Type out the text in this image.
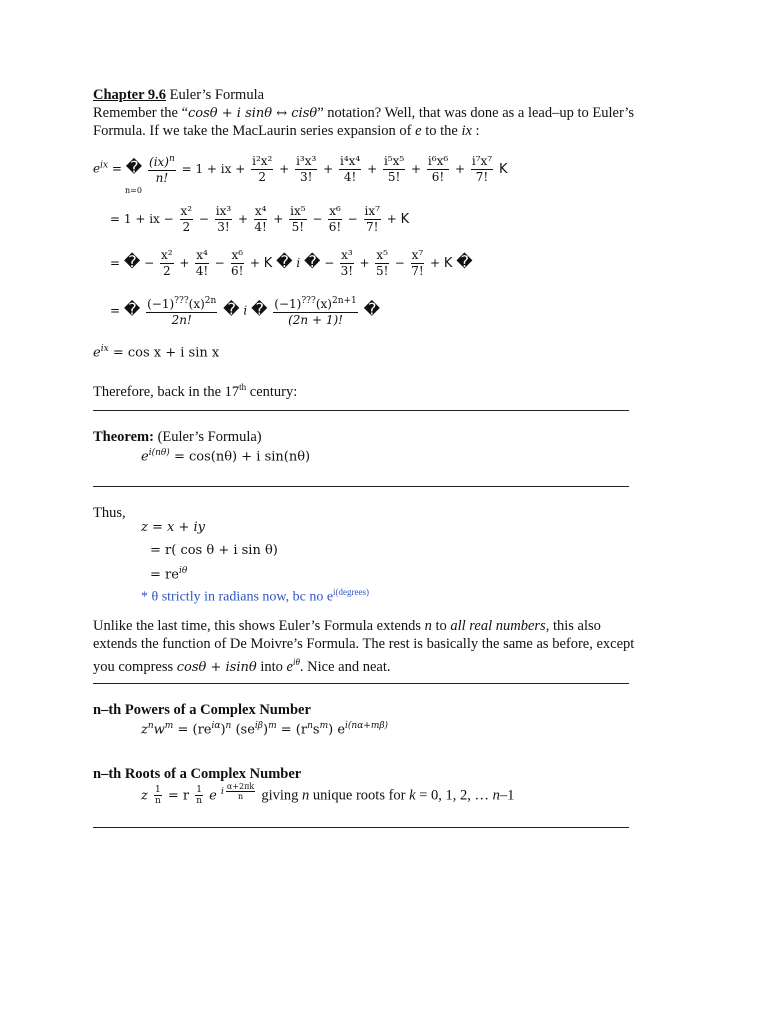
Chapter 9.6 Euler’s Formula
Remember the “cosθ + i sinθ ↔ cisθ” notation? Well, that was done as a lead–up to Euler’s
Formula. If we take the MacLaurin series expansion of e to the ix :
$e^{ix}$ = � $\frac{(ix)^n}{n!} = 1$ + ix + $\frac{\text{i²x²}}{2} + \frac{\text{i³x³}}{3!} + \frac{\text{i⁴x⁴}}{4!} + \frac{\text{i⁵x⁵}}{5!} + \frac{\text{i⁶x⁶}}{6!} + \frac{\text{i⁷x⁷}}{7!}$ K
n=0
= 1 + ix − $\frac{\text{x²}}{2} - \frac{\text{ix³}}{3!} + \frac{\text{x⁴}}{4!} + \frac{\text{ix⁵}}{5!} - \frac{\text{x⁶}}{6!} - \frac{\text{ix⁷}}{7!} + K$
= � − $\frac{\text{x²}}{2} + \frac{\text{x⁴}}{4!} - \frac{\text{x⁶}}{6!} + K$ � i � − $\frac{\text{x³}}{3!} + \frac{\text{x⁵}}{5!} - \frac{\text{x⁷}}{7!} + K$ �
= � $\frac{(-1)^{???}(x)^{2n}}{2n!}$ � i � $\frac{(-1)^{???}(x)^{2n+1}}{(2n + 1)!}$ �
$e^{ix} = \cos x + i$ sin x
Therefore, back in the 17th century:
Theorem: (Euler’s Formula)
$e^{i(n\theta)} = \cos(n\theta) + i$ sin(nθ)
Thus,
z = x + iy
= r( cos θ + i sin θ)
= $re^{i\theta}$
* θ strictly in radians now, bc no $e^{i(degrees)}$
Unlike the last time, this shows Euler’s Formula extends n to all real numbers, this also
extends the function of De Moivre’s Formula. The rest is basically the same as before, except
you compress cosθ + isinθ into $e^{i\theta}$. Nice and neat.
n–th Powers of a Complex Number
$z^nw^m = (re^{i\alpha})^n$ $(se^{i\beta})^m = (r^ns^m)$ $e^{i(n\alpha+m\beta)}$
n–th Roots of a Complex Number
z $\frac{1}{n} = r \frac{1}{n}$ e $^{i \frac{\alpha+2\pi k}{n}}$ giving n unique roots for k = 0, 1, 2, … n–1
